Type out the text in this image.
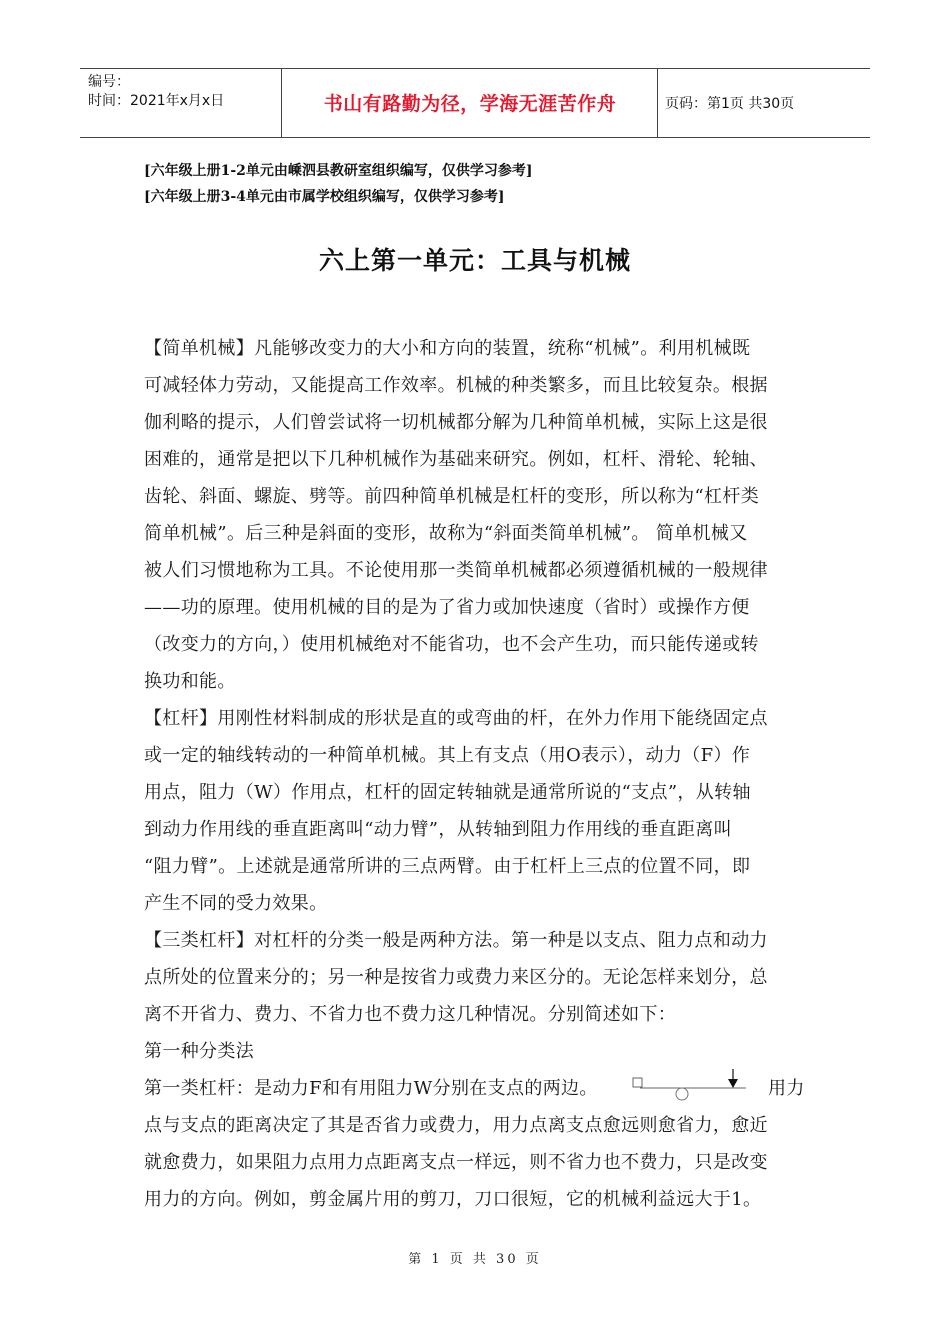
编号：
时间：2021年x月x日	书山有路勤为径，学海无涯苦作舟	页码：第1页 共30页
[六年级上册1-2单元由嵊泗县教研室组织编写，仅供学习参考]
[六年级上册3-4单元由市属学校组织编写，仅供学习参考]
六上第一单元：工具与机械
【简单机械】凡能够改变力的大小和方向的装置，统称“机械”。利用机械既
可减轻体力劳动，又能提高工作效率。机械的种类繁多，而且比较复杂。根据
伽利略的提示，人们曾尝试将一切机械都分解为几种简单机械，实际上这是很
困难的，通常是把以下几种机械作为基础来研究。例如，杠杆、滑轮、轮轴、
齿轮、斜面、螺旋、劈等。前四种简单机械是杠杆的变形，所以称为“杠杆类
简单机械”。后三种是斜面的变形，故称为“斜面类简单机械”。 简单机械又
被人们习惯地称为工具。不论使用那一类简单机械都必须遵循机械的一般规律
——功的原理。使用机械的目的是为了省力或加快速度（省时）或操作方便
（改变力的方向，）使用机械绝对不能省功，也不会产生功，而只能传递或转
换功和能。
【杠杆】用刚性材料制成的形状是直的或弯曲的杆，在外力作用下能绕固定点
或一定的轴线转动的一种简单机械。其上有支点（用O表示），动力（F）作
用点，阻力（W）作用点，杠杆的固定转轴就是通常所说的“支点”，从转轴
到动力作用线的垂直距离叫“动力臂”，从转轴到阻力作用线的垂直距离叫
“阻力臂”。上述就是通常所讲的三点两臂。由于杠杆上三点的位置不同，即
产生不同的受力效果。
【三类杠杆】对杠杆的分类一般是两种方法。第一种是以支点、阻力点和动力
点所处的位置来分的；另一种是按省力或费力来区分的。无论怎样来划分，总
离不开省力、费力、不省力也不费力这几种情况。分别简述如下：
第一种分类法
第一类杠杆：是动力F和有用阻力W分别在支点的两边。	用力
点与支点的距离决定了其是否省力或费力，用力点离支点愈远则愈省力，愈近
就愈费力，如果阻力点用力点距离支点一样远，则不省力也不费力，只是改变
用力的方向。例如，剪金属片用的剪刀，刀口很短，它的机械利益远大于1。
第 1 页 共 30 页
